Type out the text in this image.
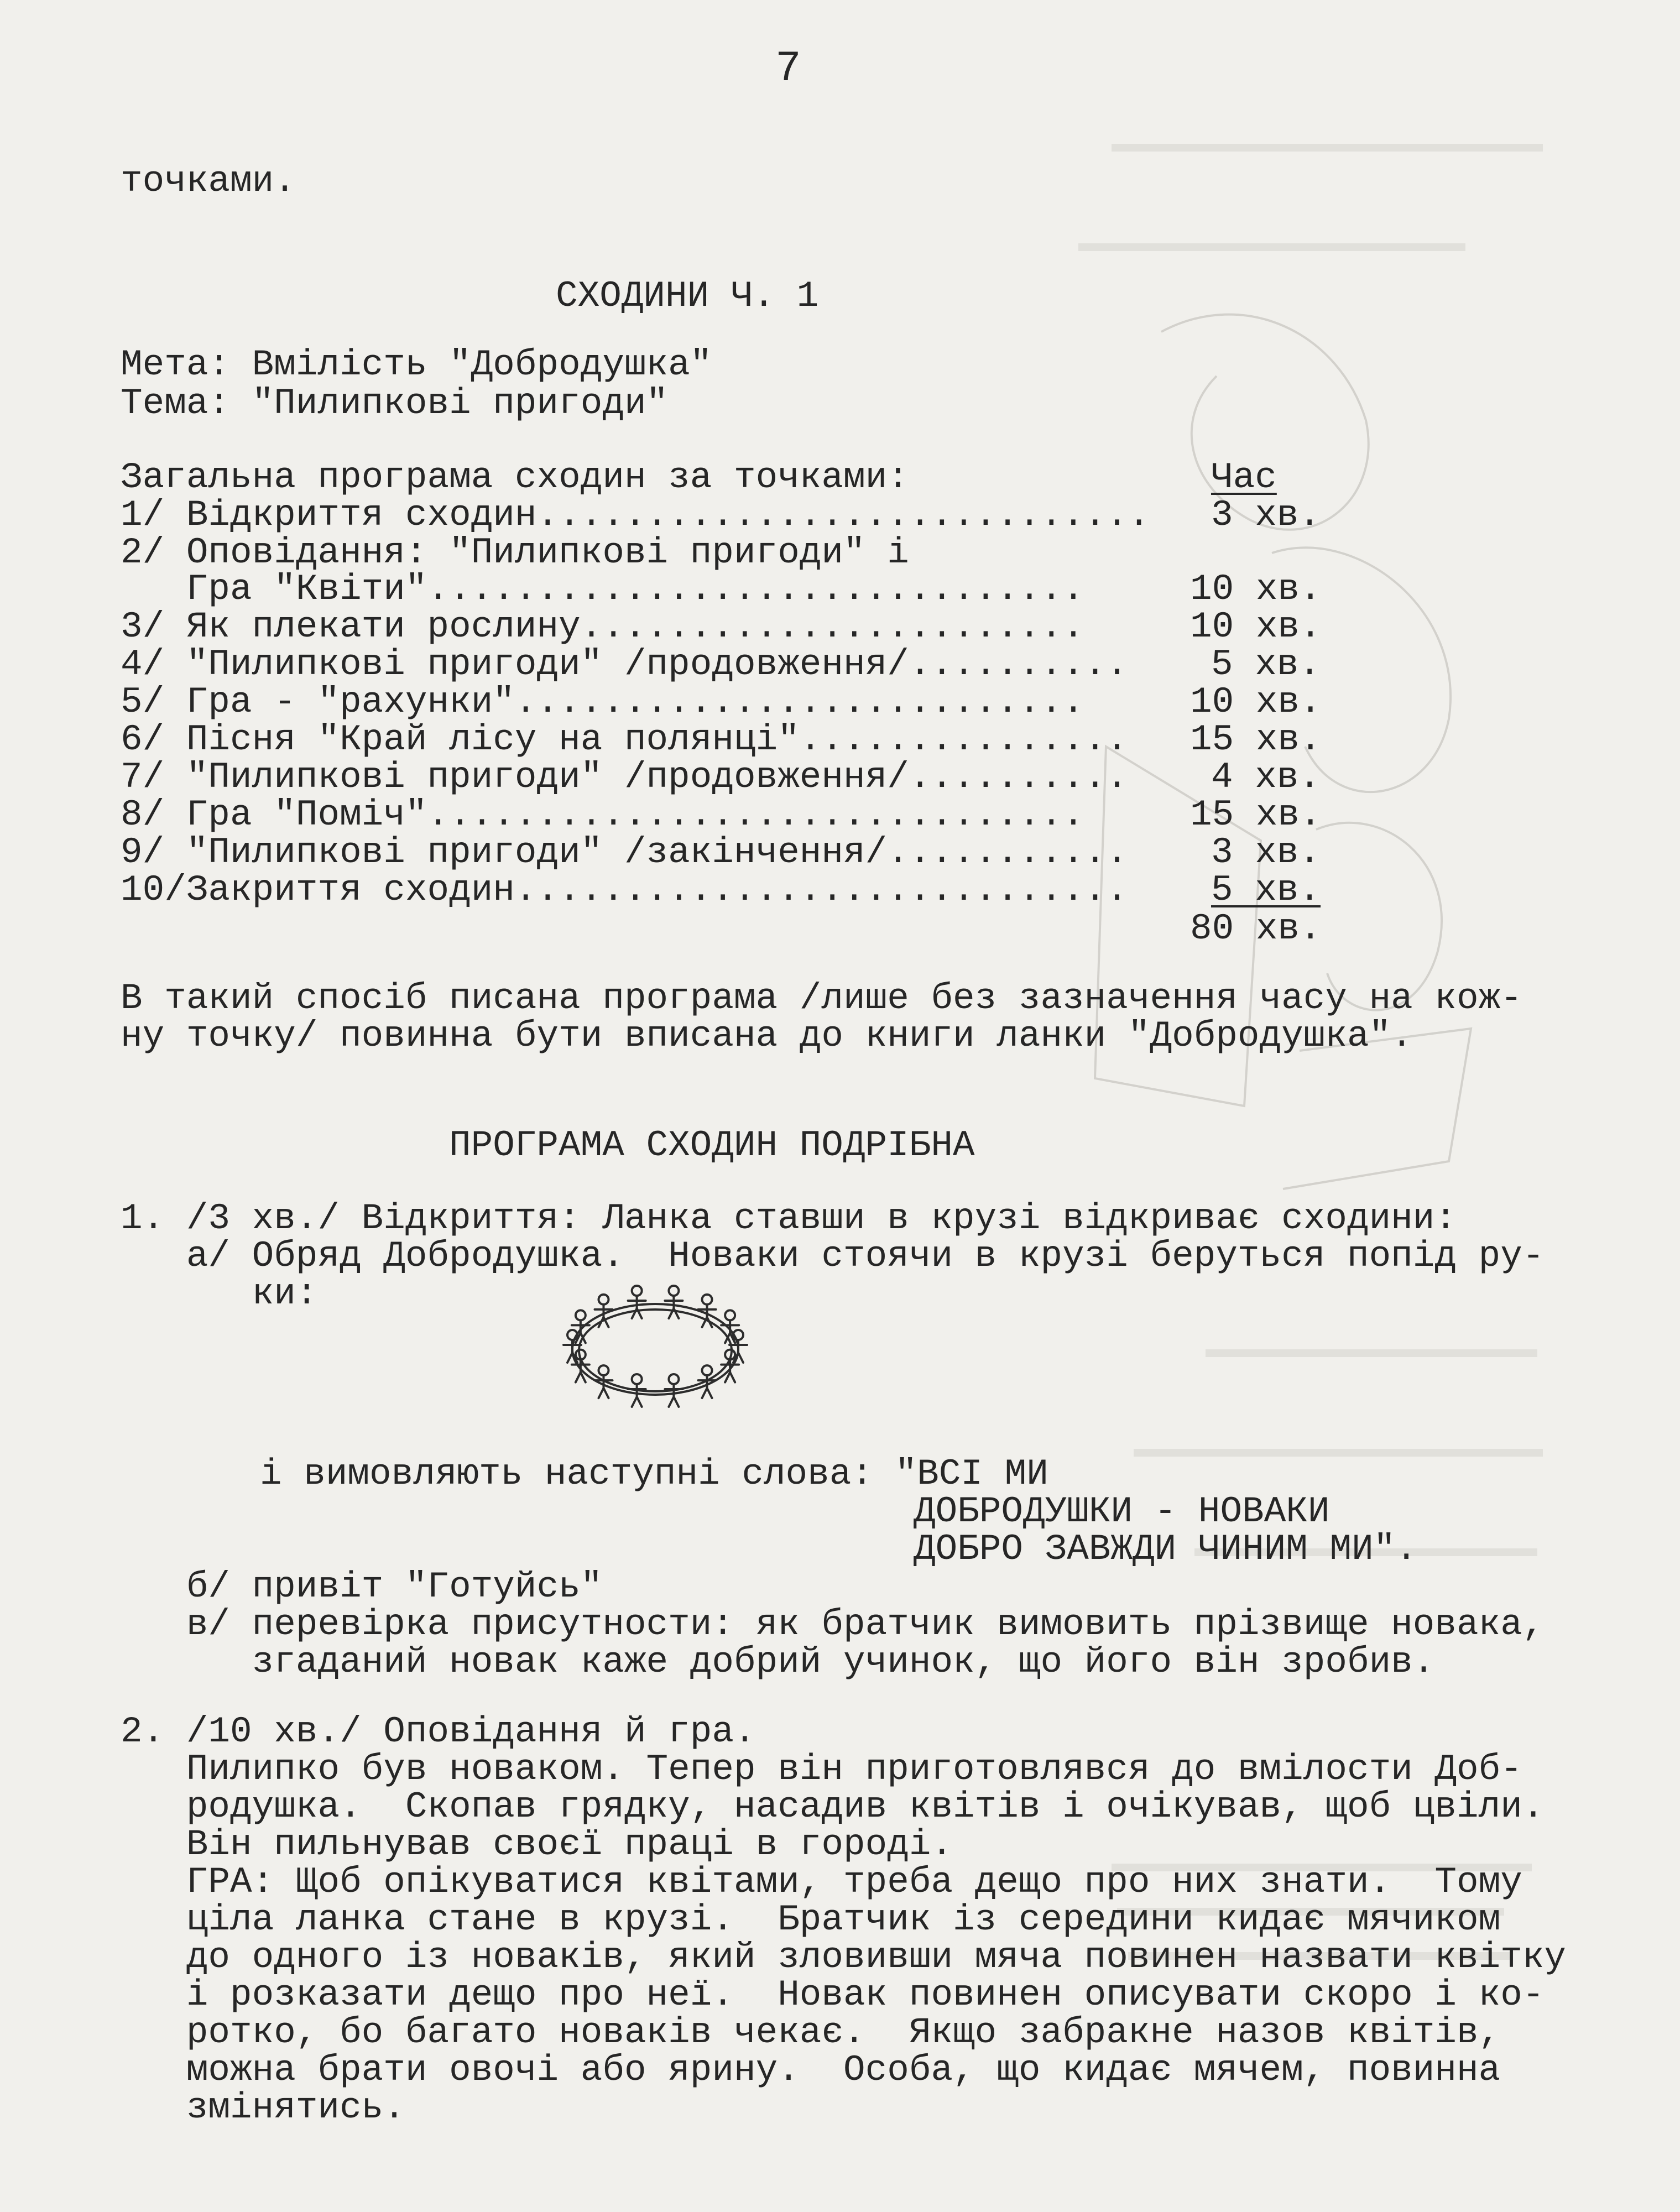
7
точками.
СХОДИНИ Ч. 1
Мета: Вмілість "Добродушка"
Тема: "Пилипкові пригоди"
Загальна програма сходин за точками:	Час
1/ Відкриття сходин............................ 3 хв.
2/ Оповідання: "Пилипкові пригоди" і
Гра "Квіти"..............................	10 хв.
3/ Як плекати рослину.......................	10 хв.
4/ "Пилипкові пригоди" /продовження/.......... 5 хв.
5/ Гра - "рахунки"..........................	10 хв.
6/ Пісня "Край лісу на полянці"............... 15 хв.
7/ "Пилипкові пригоди" /продовження/.......... 4 хв.
8/ Гра "Поміч"..............................	15 хв.
9/ "Пилипкові пригоди" /закінчення/........... 3 хв.
10/Закриття сходин............................ 5 хв.
80 хв.
В такий спосіб писана програма /лише без зазначення часу на кож-
ну точку/ повинна бути вписана до книги ланки "Добродушка".
ПРОГРАМА СХОДИН ПОДРІБНА
1. /3 хв./ Відкриття: Ланка ставши в крузі відкриває сходини:
а/ Обряд Добродушка.  Новаки стоячи в крузі беруться попід ру-
ки:
і вимовляють наступні слова: "ВСІ МИ
ДОБРОДУШКИ - НОВАКИ
ДОБРО ЗАВЖДИ ЧИНИМ МИ".
б/ привіт "Готуйсь"
в/ перевірка присутности: як братчик вимовить прізвище новака,
згаданий новак каже добрий учинок, що його він зробив.
2. /10 хв./ Оповідання й гра.
Пилипко був новаком. Тепер він приготовлявся до вмілости Доб-
родушка.  Скопав грядку, насадив квітів і очікував, щоб цвіли.
Він пильнував своєї праці в городі.
ГРА: Щоб опікуватися квітами, треба дещо про них знати.  Тому
ціла ланка стане в крузі.  Братчик із середини кидає мячиком
до одного із новаків, який зловивши мяча повинен назвати квітку
і розказати дещо про неї.  Новак повинен описувати скоро і ко-
ротко, бо багато новаків чекає.  Якщо забракне назов квітів,
можна брати овочі або ярину.  Особа, що кидає мячем, повинна
змінятись.
